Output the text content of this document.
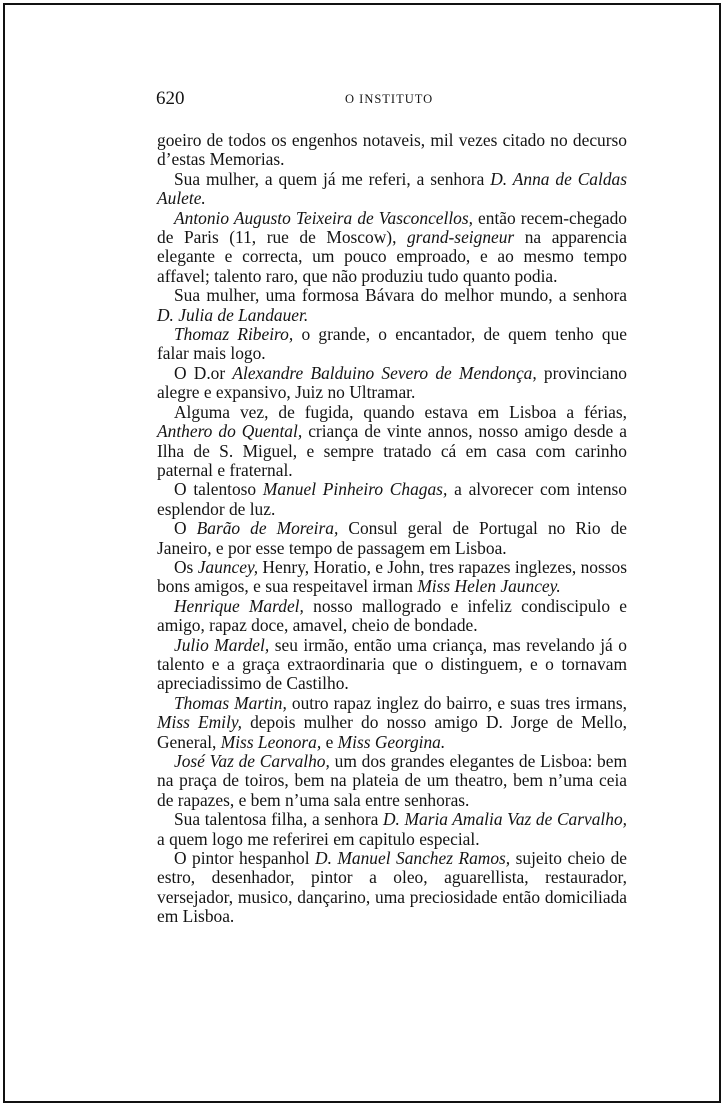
620	O INSTITUTO

goeiro de todos os engenhos notaveis, mil vezes citado no decurso d’estas Memorias.

Sua mulher, a quem já me referi, a senhora D. Anna de Caldas Aulete.

Antonio Augusto Teixeira de Vasconcellos, então recem-chegado de Paris (11, rue de Moscow), grand-seigneur na apparencia elegante e correcta, um pouco emproado, e ao mesmo tempo affavel; talento raro, que não produziu tudo quanto podia.

Sua mulher, uma formosa Bávara do melhor mundo, a senhora D. Julia de Landauer.

Thomaz Ribeiro, o grande, o encantador, de quem tenho que falar mais logo.

O D.or Alexandre Balduino Severo de Mendonça, provinciano alegre e expansivo, Juiz no Ultramar.

Alguma vez, de fugida, quando estava em Lisboa a férias, Anthero do Quental, criança de vinte annos, nosso amigo desde a Ilha de S. Miguel, e sempre tratado cá em casa com carinho paternal e fraternal.

O talentoso Manuel Pinheiro Chagas, a alvorecer com intenso esplendor de luz.

O Barão de Moreira, Consul geral de Portugal no Rio de Janeiro, e por esse tempo de passagem em Lisboa.

Os Jauncey, Henry, Horatio, e John, tres rapazes inglezes, nossos bons amigos, e sua respeitavel irman Miss Helen Jauncey.

Henrique Mardel, nosso mallogrado e infeliz condiscipulo e amigo, rapaz doce, amavel, cheio de bondade.

Julio Mardel, seu irmão, então uma criança, mas revelando já o talento e a graça extraordinaria que o distinguem, e o tornavam apreciadissimo de Castilho.

Thomas Martin, outro rapaz inglez do bairro, e suas tres irmans, Miss Emily, depois mulher do nosso amigo D. Jorge de Mello, General, Miss Leonora, e Miss Georgina.

José Vaz de Carvalho, um dos grandes elegantes de Lisboa: bem na praça de toiros, bem na plateia de um theatro, bem n’uma ceia de rapazes, e bem n’uma sala entre senhoras.

Sua talentosa filha, a senhora D. Maria Amalia Vaz de Carvalho, a quem logo me referirei em capitulo especial.

O pintor hespanhol D. Manuel Sanchez Ramos, sujeito cheio de estro, desenhador, pintor a oleo, aguarellista, restaurador, versejador, musico, dançarino, uma preciosidade então domiciliada em Lisboa.
